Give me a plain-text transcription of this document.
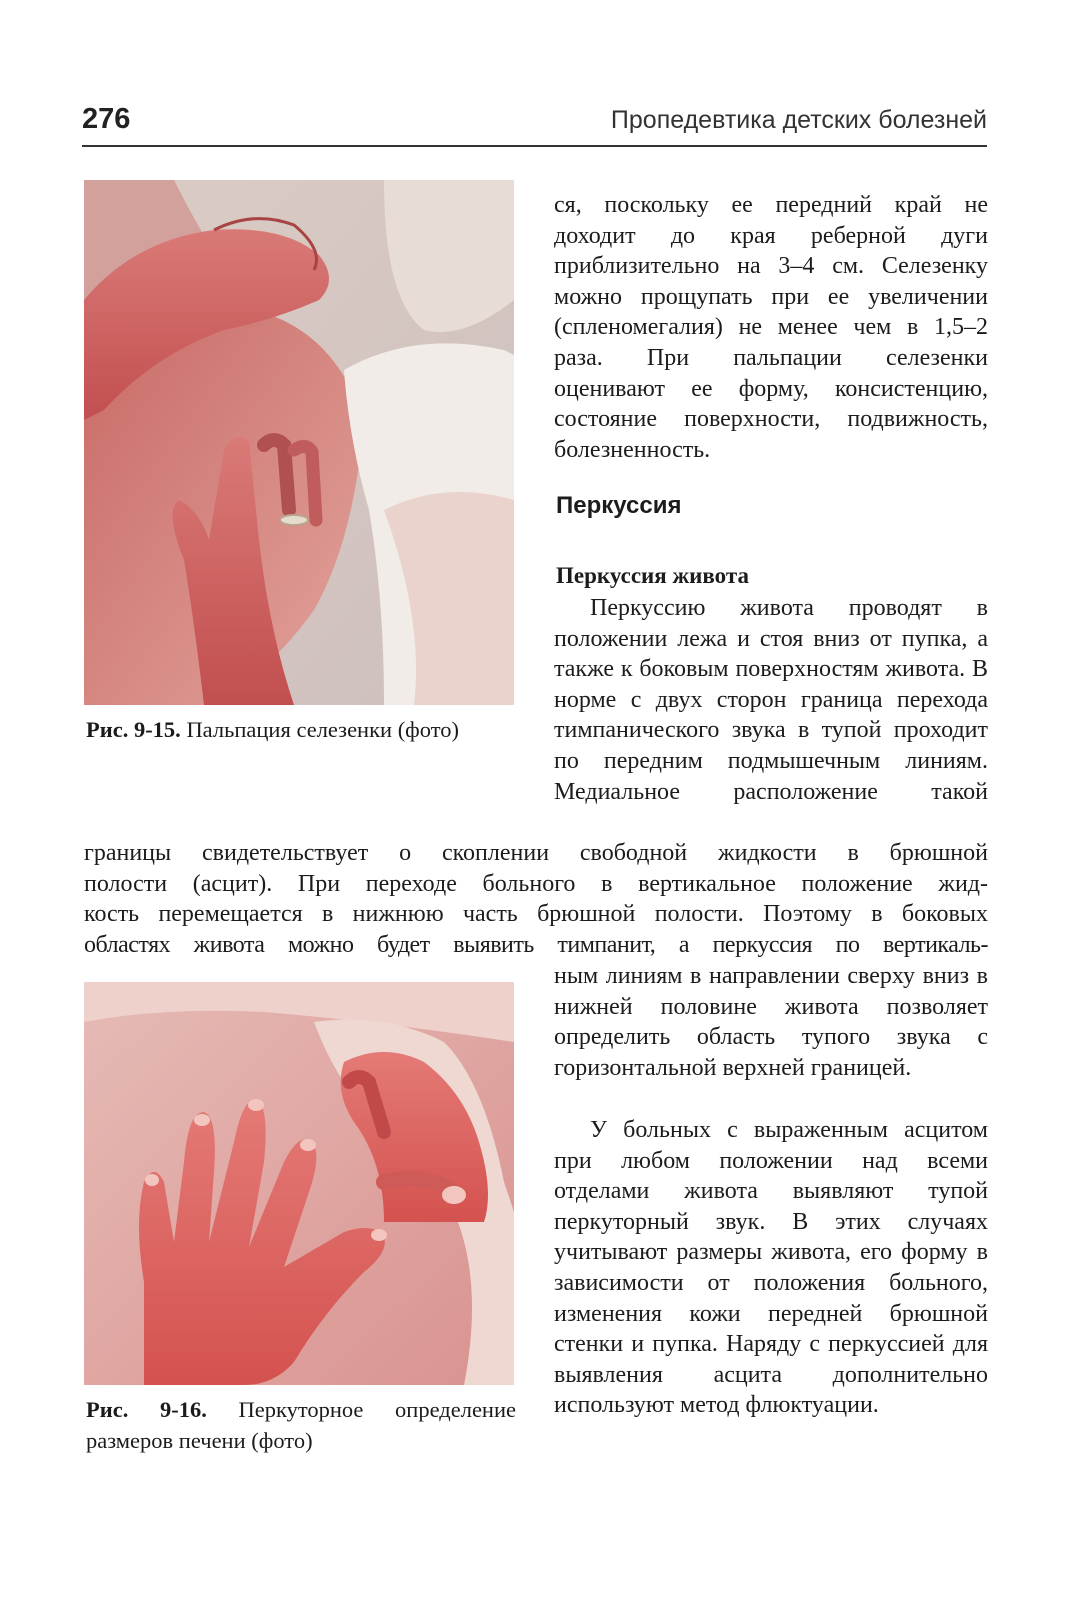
276	Пропедевтика детских болезней
Рис. 9-15. Пальпация селезенки (фото)
ся, поскольку ее передний край не доходит до края реберной дуги приблизительно на 3–4 см. Селезенку можно прощупать при ее увеличении (спленомегалия) не менее чем в 1,5–2 раза. При пальпации селезенки оценивают ее форму, консистенцию, состояние поверхности, подвижность, болезненность.
Перкуссия
Перкуссия живота
Перкуссию живота проводят в положении лежа и стоя вниз от пупка, а также к боковым поверхностям живота. В норме с двух сторон граница перехода тимпанического звука в тупой проходит по передним подмышечным линиям. Медиальное расположение такой
границы свидетельствует о скоплении свободной жидкости в брюшной
полости (асцит). При переходе больного в вертикальное положение жид-
кость перемещается в нижнюю часть брюшной полости. Поэтому в боковых
областях живота можно будет выявить тимпанит, а перкуссия по вертикаль-
Рис. 9-16. Перкуторное определение размеров печени (фото)
ным линиям в направлении сверху вниз в нижней половине живота позволяет определить область тупого звука с горизонтальной верхней границей.
У больных с выраженным асцитом при любом положении над всеми отделами живота выявляют тупой перкуторный звук. В этих случаях учитывают размеры живота, его форму в зависимости от положения больного, изменения кожи передней брюшной стенки и пупка. Наряду с перкуссией для выявления асцита дополнительно используют метод флюктуации.
